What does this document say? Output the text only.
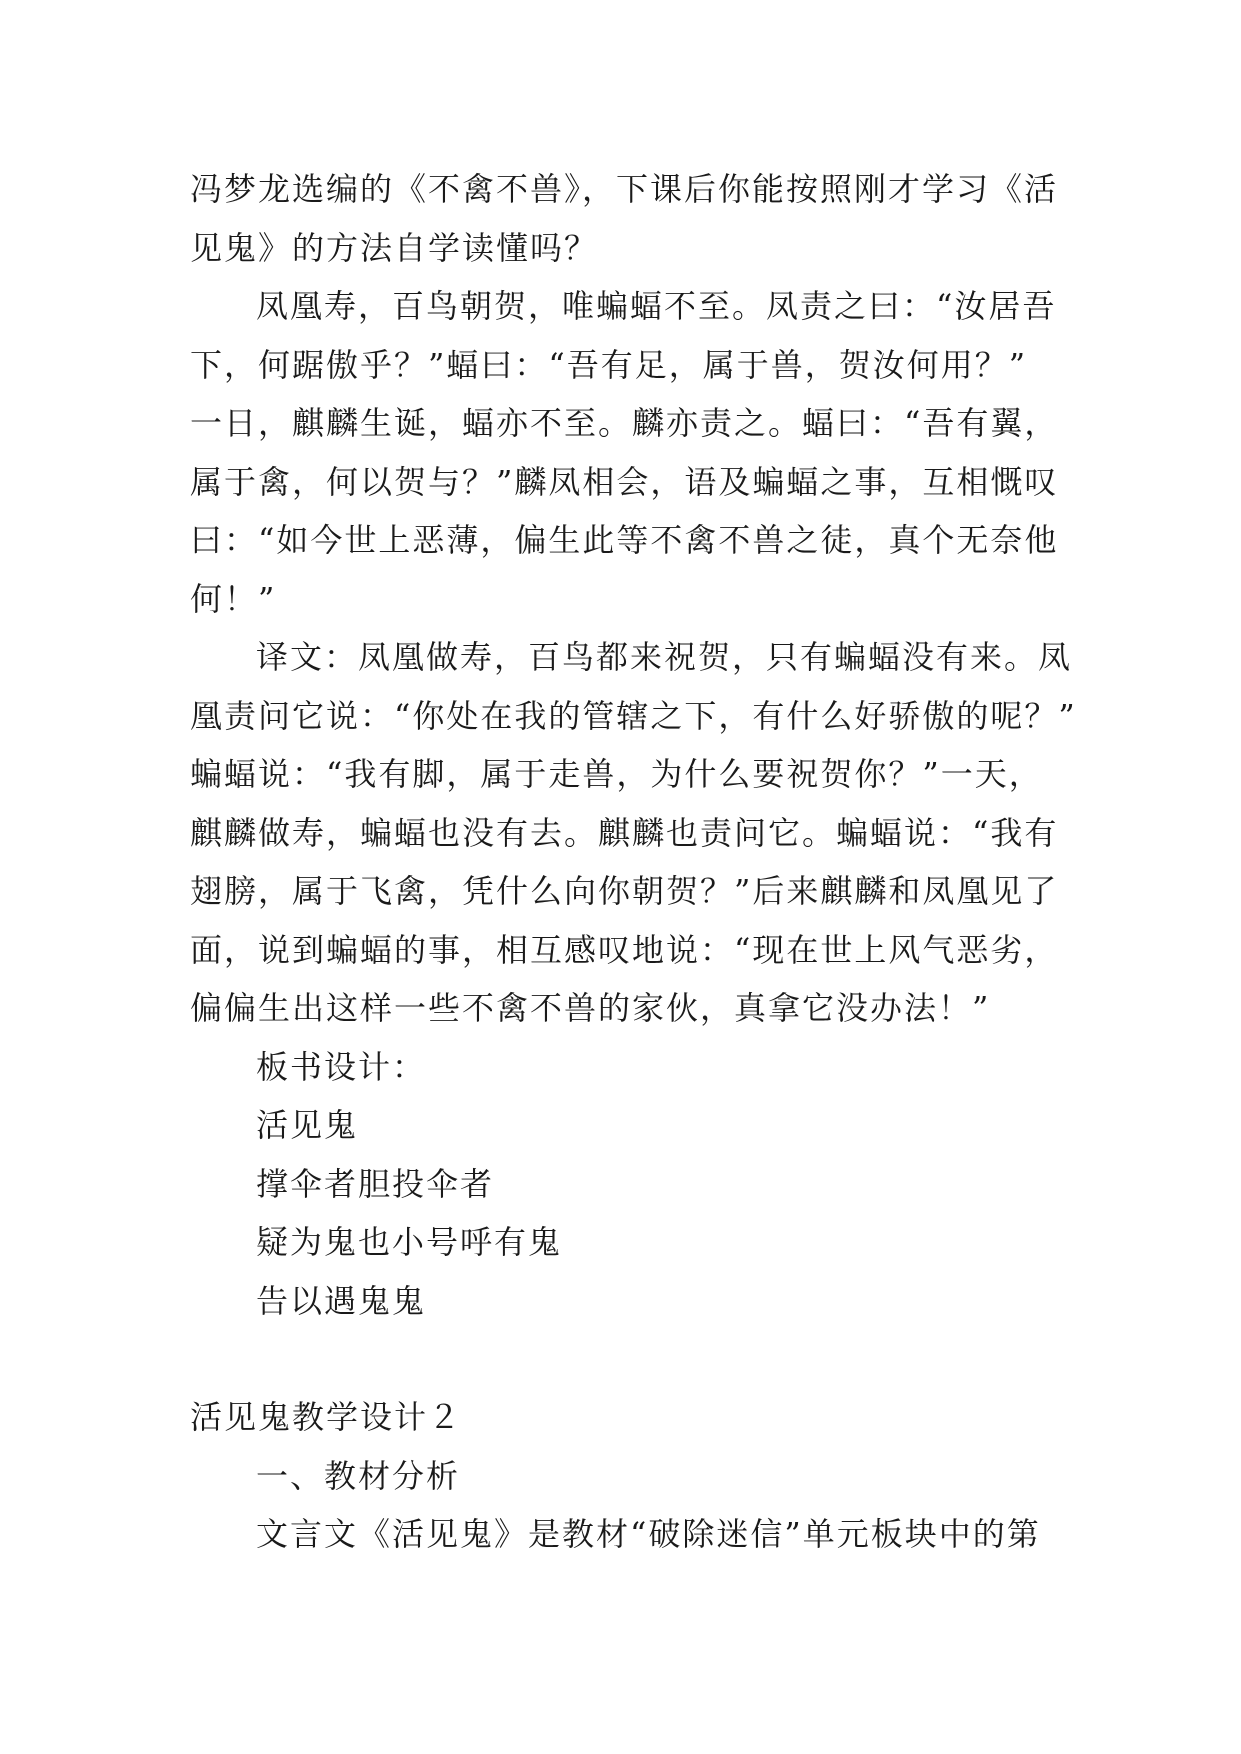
冯梦龙选编的《不禽不兽》，下课后你能按照刚才学习《活
见鬼》的方法自学读懂吗？
凤凰寿，百鸟朝贺，唯蝙蝠不至。凤责之曰：“汝居吾
下，何踞傲乎？”蝠曰：“吾有足，属于兽，贺汝何用？”
一日，麒麟生诞，蝠亦不至。麟亦责之。蝠曰：“吾有翼，
属于禽，何以贺与？”麟凤相会，语及蝙蝠之事，互相慨叹
曰：“如今世上恶薄，偏生此等不禽不兽之徒，真个无奈他
何！”
译文：凤凰做寿，百鸟都来祝贺，只有蝙蝠没有来。凤
凰责问它说：“你处在我的管辖之下，有什么好骄傲的呢？”
蝙蝠说：“我有脚，属于走兽，为什么要祝贺你？”一天，
麒麟做寿，蝙蝠也没有去。麒麟也责问它。蝙蝠说：“我有
翅膀，属于飞禽，凭什么向你朝贺？”后来麒麟和凤凰见了
面，说到蝙蝠的事，相互感叹地说：“现在世上风气恶劣，
偏偏生出这样一些不禽不兽的家伙，真拿它没办法！”
板书设计：
活见鬼
撑伞者胆投伞者
疑为鬼也小号呼有鬼
告以遇鬼鬼
活见鬼教学设计２
一、教材分析
文言文《活见鬼》是教材“破除迷信”单元板块中的第
